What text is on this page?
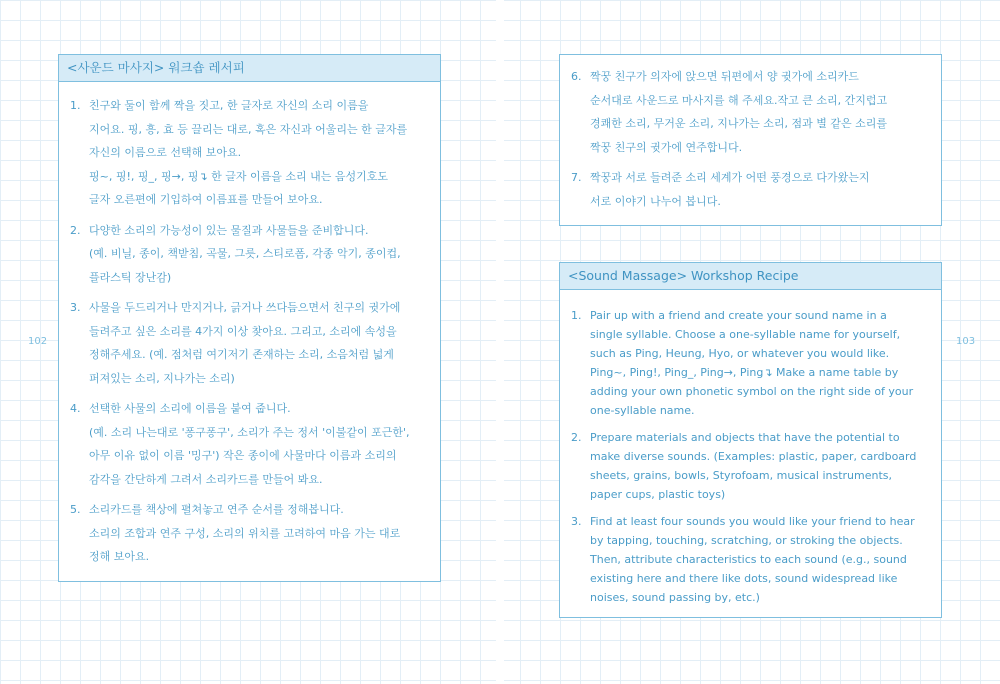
102	103
<사운드 마사지> 워크숍 레서피
1. 친구와 둘이 함께 짝을 짓고, 한 글자로 자신의 소리 이름을
지어요. 핑, 흥, 효 등 끌리는 대로, 혹은 자신과 어울리는 한 글자를
자신의 이름으로 선택해 보아요.
핑~, 핑!, 핑_, 핑→, 핑↴ 한 글자 이름을 소리 내는 음성기호도
글자 오른편에 기입하여 이름표를 만들어 보아요.
2. 다양한 소리의 가능성이 있는 물질과 사물들을 준비합니다.
(예. 비닐, 종이, 책받침, 곡물, 그릇, 스티로폼, 각종 악기, 종이컵,
플라스틱 장난감)
3. 사물을 두드리거나 만지거나, 긁거나 쓰다듬으면서 친구의 귓가에
들려주고 싶은 소리를 4가지 이상 찾아요. 그리고, 소리에 속성을
정해주세요. (예. 점처럼 여기저기 존재하는 소리, 소음처럼 넓게
퍼져있는 소리, 지나가는 소리)
4. 선택한 사물의 소리에 이름을 붙여 줍니다.
(예. 소리 나는대로 '퐁구퐁구', 소리가 주는 정서 '이불같이 포근한',
아무 이유 없이 이름 '밍구') 작은 종이에 사물마다 이름과 소리의
감각을 간단하게 그려서 소리카드를 만들어 봐요.
5. 소리카드를 책상에 펼쳐놓고 연주 순서를 정해봅니다.
소리의 조합과 연주 구성, 소리의 위치를 고려하여 마음 가는 대로
정해 보아요.
6. 짝꿍 친구가 의자에 앉으면 뒤편에서 양 귓가에 소리카드
순서대로 사운드로 마사지를 해 주세요.작고 큰 소리, 간지럽고
경쾌한 소리, 무거운 소리, 지나가는 소리, 점과 별 같은 소리를
짝꿍 친구의 귓가에 연주합니다.
7. 짝꿍과 서로 들려준 소리 세계가 어떤 풍경으로 다가왔는지
서로 이야기 나누어 봅니다.
<Sound Massage> Workshop Recipe
1. Pair up with a friend and create your sound name in a
single syllable. Choose a one-syllable name for yourself,
such as Ping, Heung, Hyo, or whatever you would like.
Ping~, Ping!, Ping_, Ping→, Ping↴ Make a name table by
adding your own phonetic symbol on the right side of your
one-syllable name.
2. Prepare materials and objects that have the potential to
make diverse sounds. (Examples: plastic, paper, cardboard
sheets, grains, bowls, Styrofoam, musical instruments,
paper cups, plastic toys)
3. Find at least four sounds you would like your friend to hear
by tapping, touching, scratching, or stroking the objects.
Then, attribute characteristics to each sound (e.g., sound
existing here and there like dots, sound widespread like
noises, sound passing by, etc.)
